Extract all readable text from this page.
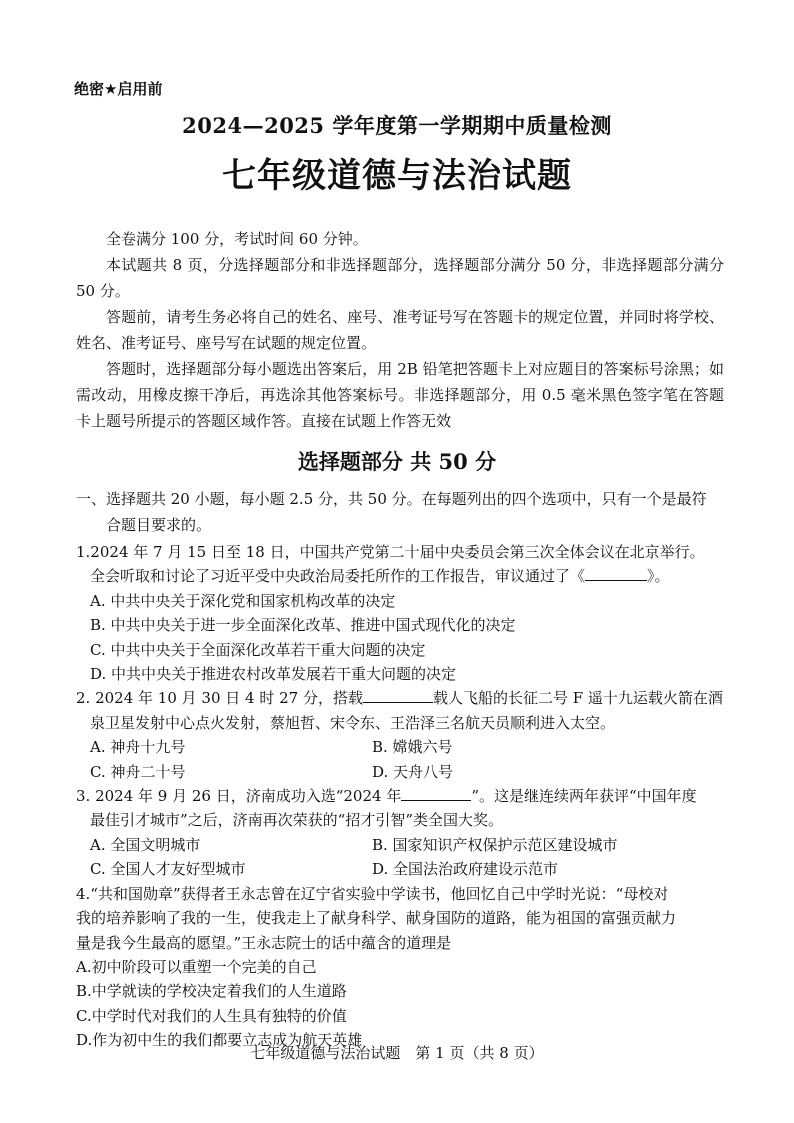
绝密★启用前
2024—2025 学年度第一学期期中质量检测
七年级道德与法治试题

全卷满分 100 分，考试时间 60 分钟。

本试题共 8 页，分选择题部分和非选择题部分，选择题部分满分 50 分，非选择题部分满分 50 分。

答题前，请考生务必将自己的姓名、座号、准考证号写在答题卡的规定位置，并同时将学校、姓名、准考证号、座号写在试题的规定位置。

答题时，选择题部分每小题选出答案后，用 2B 铅笔把答题卡上对应题目的答案标号涂黑；如需改动，用橡皮擦干净后，再选涂其他答案标号。非选择题部分，用 0.5 毫米黑色签字笔在答题卡上题号所提示的答题区域作答。直接在试题上作答无效

选择题部分 共 50 分
一、选择题共 20 小题，每小题 2.5 分，共 50 分。在每题列出的四个选项中，只有一个是最符
合题目要求的。
1.2024 年 7 月 15 日至 18 日，中国共产党第二十届中央委员会第三次全体会议在北京举行。
全会听取和讨论了习近平受中央政治局委托所作的工作报告，审议通过了《	》。
A. 中共中央关于深化党和国家机构改革的决定
B. 中共中央关于进一步全面深化改革、推进中国式现代化的决定
C. 中共中央关于全面深化改革若干重大问题的决定
D. 中共中央关于推进农村改革发展若干重大问题的决定
2. 2024 年 10 月 30 日 4 时 27 分，搭载	载人飞船的长征二号 F 遥十九运载火箭在酒
泉卫星发射中心点火发射，蔡旭哲、宋令东、王浩泽三名航天员顺利进入太空。
A. 神舟十九号	B. 嫦娥六号
C. 神舟二十号	D. 天舟八号
3. 2024 年 9 月 26 日，济南成功入选“2024 年	”。这是继连续两年获评“中国年度
最佳引才城市”之后，济南再次荣获的“招才引智”类全国大奖。
A. 全国文明城市	B. 国家知识产权保护示范区建设城市
C. 全国人才友好型城市	D. 全国法治政府建设示范市
4.“共和国勋章”获得者王永志曾在辽宁省实验中学读书，他回忆自己中学时光说：“母校对
我的培养影响了我的一生，使我走上了献身科学、献身国防的道路，能为祖国的富强贡献力
量是我今生最高的愿望。”王永志院士的话中蕴含的道理是
A.初中阶段可以重塑一个完美的自己
B.中学就读的学校决定着我们的人生道路
C.中学时代对我们的人生具有独特的价值
D.作为初中生的我们都要立志成为航天英雄
七年级道德与法治试题　第 1 页（共 8 页）
